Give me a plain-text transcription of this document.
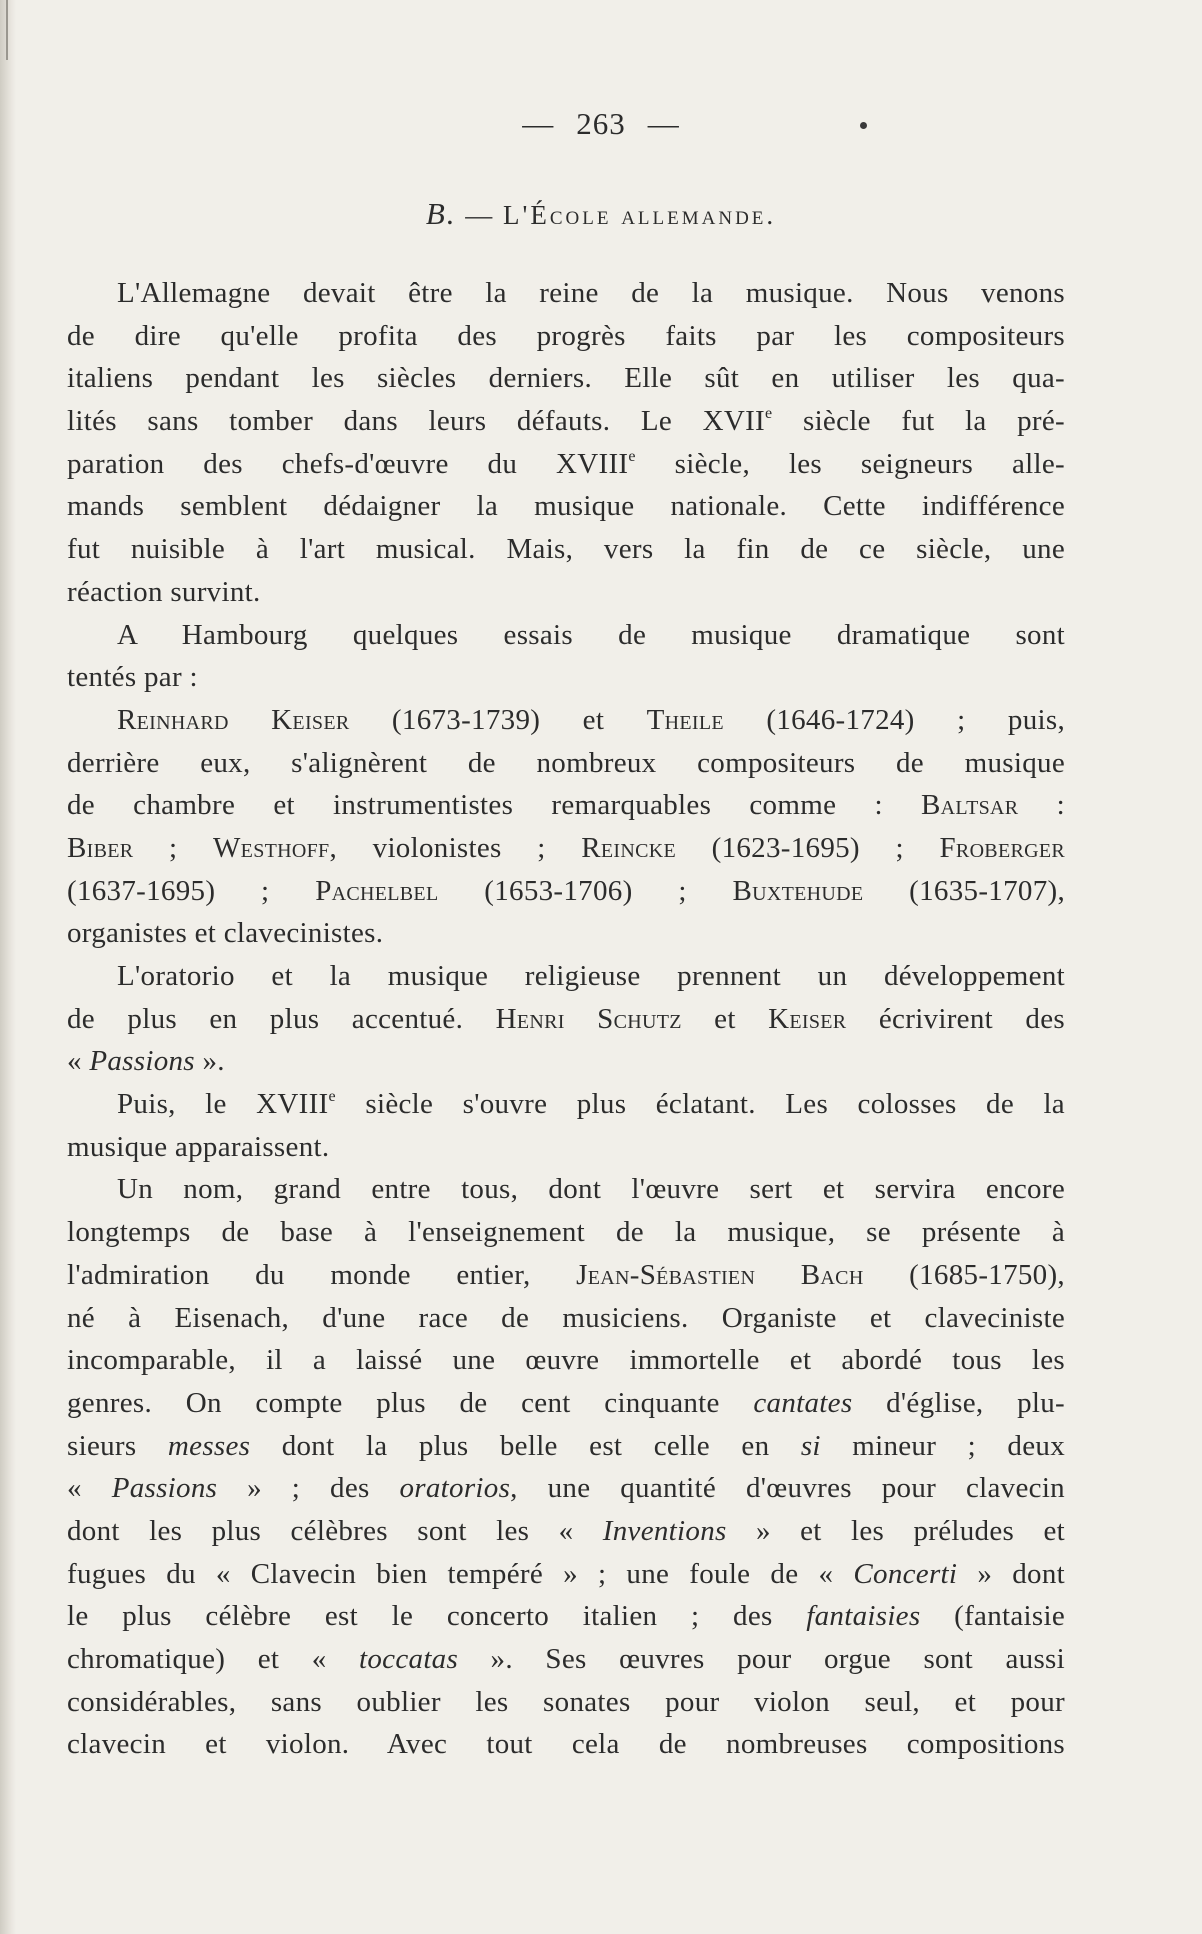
— 263 —
B. — L'École allemande.
L'Allemagne devait être la reine de la musique. Nous venons
de dire qu'elle profita des progrès faits par les compositeurs
italiens pendant les siècles derniers. Elle sût en utiliser les qua-
lités sans tomber dans leurs défauts. Le XVIIe siècle fut la pré-
paration des chefs-d'œuvre du XVIIIe siècle, les seigneurs alle-
mands semblent dédaigner la musique nationale. Cette indifférence
fut nuisible à l'art musical. Mais, vers la fin de ce siècle, une
réaction survint.
A Hambourg quelques essais de musique dramatique sont
tentés par :
Reinhard Keiser (1673-1739) et Theile (1646-1724) ; puis,
derrière eux, s'alignèrent de nombreux compositeurs de musique
de chambre et instrumentistes remarquables comme : Baltsar :
Biber ; Westhoff, violonistes ; Reincke (1623-1695) ; Froberger
(1637-1695) ; Pachelbel (1653-1706) ; Buxtehude (1635-1707),
organistes et clavecinistes.
L'oratorio et la musique religieuse prennent un développement
de plus en plus accentué. Henri Schutz et Keiser écrivirent des
« Passions ».
Puis, le XVIIIe siècle s'ouvre plus éclatant. Les colosses de la
musique apparaissent.
Un nom, grand entre tous, dont l'œuvre sert et servira encore
longtemps de base à l'enseignement de la musique, se présente à
l'admiration du monde entier, Jean-Sébastien Bach (1685-1750),
né à Eisenach, d'une race de musiciens. Organiste et claveciniste
incomparable, il a laissé une œuvre immortelle et abordé tous les
genres. On compte plus de cent cinquante cantates d'église, plu-
sieurs messes dont la plus belle est celle en si mineur ; deux
« Passions » ; des oratorios, une quantité d'œuvres pour clavecin
dont les plus célèbres sont les « Inventions » et les préludes et
fugues du « Clavecin bien tempéré » ; une foule de « Concerti » dont
le plus célèbre est le concerto italien ; des fantaisies (fantaisie
chromatique) et « toccatas ». Ses œuvres pour orgue sont aussi
considérables, sans oublier les sonates pour violon seul, et pour
clavecin et violon. Avec tout cela de nombreuses compositions
